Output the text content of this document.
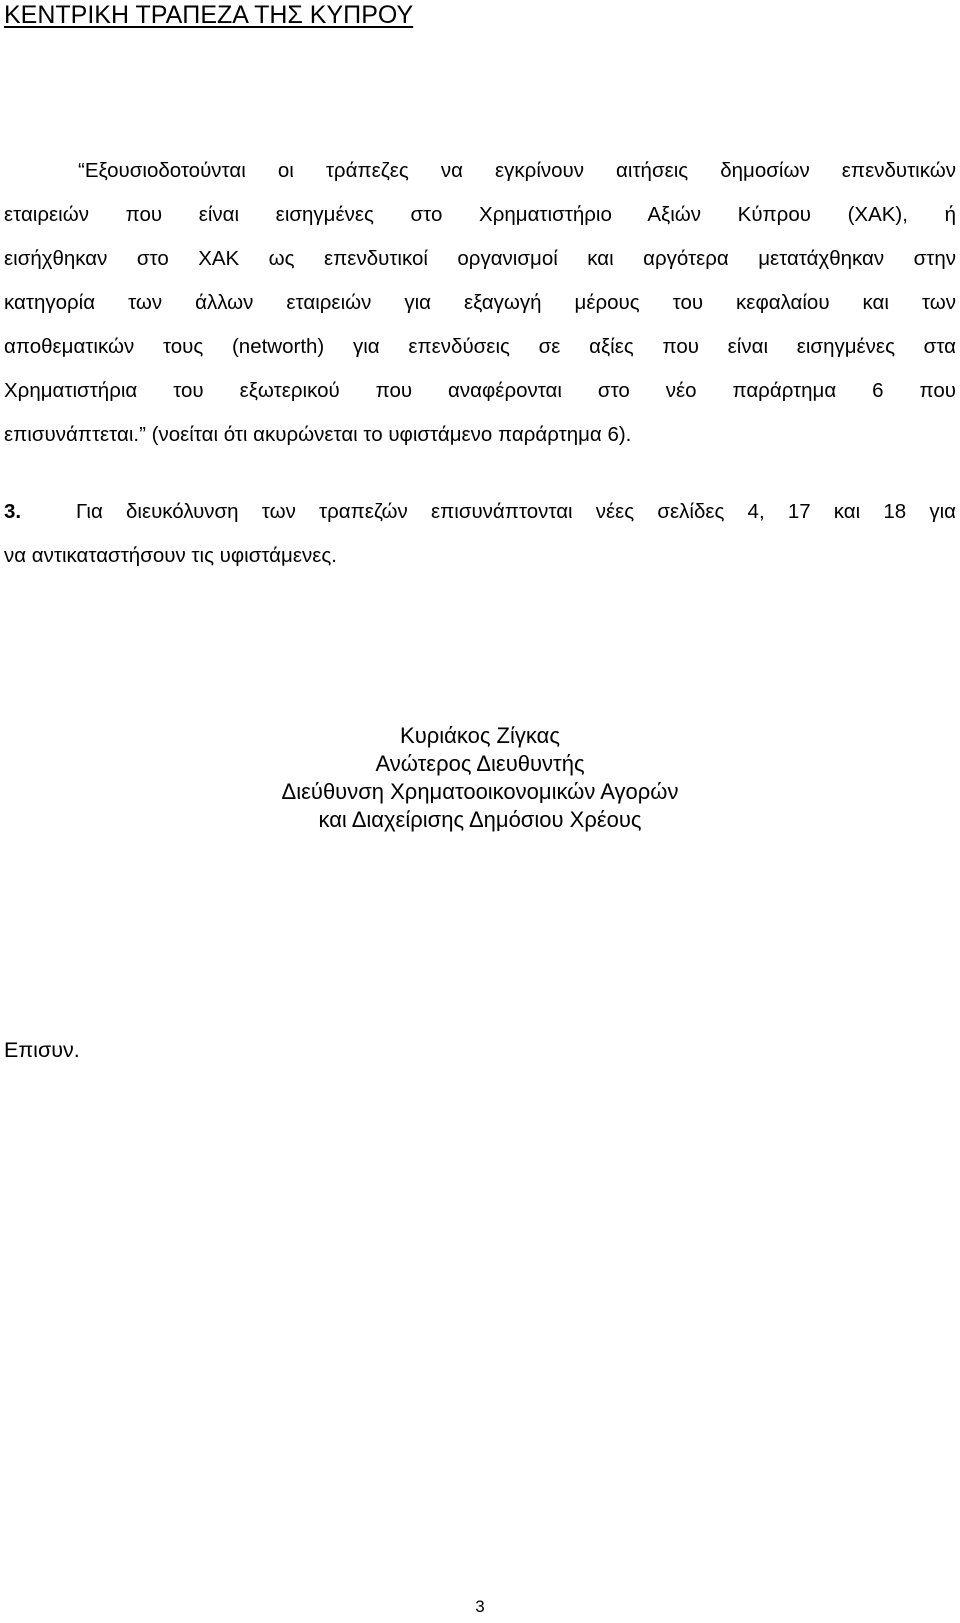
ΚΕΝΤΡΙΚΗ ΤΡΑΠΕΖΑ ΤΗΣ ΚΥΠΡΟΥ
“Εξουσιοδοτούνται οι τράπεζες να εγκρίνουν αιτήσεις δημοσίων επενδυτικών
εταιρειών που είναι εισηγμένες στο Χρηματιστήριο Αξιών Κύπρου (ΧΑΚ), ή
εισήχθηκαν στο ΧΑΚ ως επενδυτικοί οργανισμοί και αργότερα μετατάχθηκαν στην
κατηγορία των άλλων εταιρειών για εξαγωγή μέρους του κεφαλαίου και των
αποθεματικών τους (networth) για επενδύσεις σε αξίες που είναι εισηγμένες στα
Χρηματιστήρια του εξωτερικού που αναφέρονται στο νέο παράρτημα 6 που
επισυνάπτεται.” (νοείται ότι ακυρώνεται το υφιστάμενο παράρτημα 6).
3.	Για διευκόλυνση των τραπεζών επισυνάπτονται νέες σελίδες 4, 17 και 18 για
να αντικαταστήσουν τις υφιστάμενες.
Κυριάκος Ζίγκας
Ανώτερος Διευθυντής
Διεύθυνση Χρηματοοικονομικών Αγορών
και Διαχείρισης Δημόσιου Χρέους
Επισυν.
3
